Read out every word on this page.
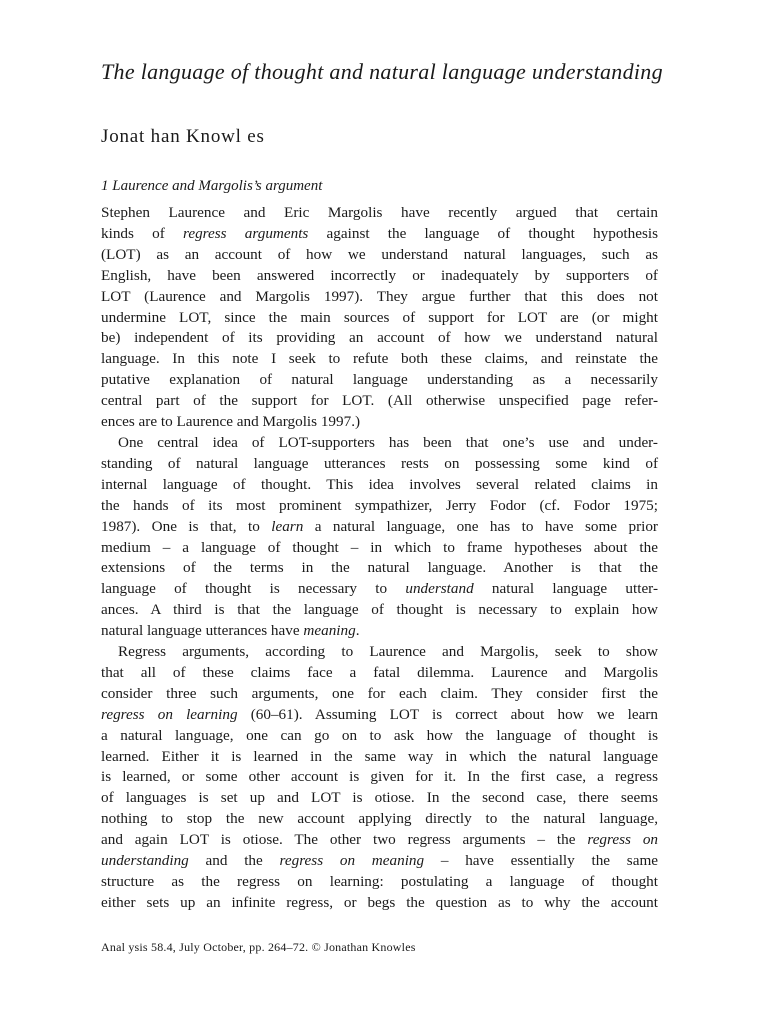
The language of thought and natural language understanding
Jonat han Knowl es
1 Laurence and Margolis’s argument
Stephen Laurence and Eric Margolis have recently argued that certain
kinds of regress arguments against the language of thought hypothesis
(LOT) as an account of how we understand natural languages, such as
English, have been answered incorrectly or inadequately by supporters of
LOT (Laurence and Margolis 1997). They argue further that this does not
undermine LOT, since the main sources of support for LOT are (or might
be) independent of its providing an account of how we understand natural
language. In this note I seek to refute both these claims, and reinstate the
putative explanation of natural language understanding as a necessarily
central part of the support for LOT. (All otherwise unspecified page refer-
ences are to Laurence and Margolis 1997.)
One central idea of LOT-supporters has been that one’s use and under-
standing of natural language utterances rests on possessing some kind of
internal language of thought. This idea involves several related claims in
the hands of its most prominent sympathizer, Jerry Fodor (cf. Fodor 1975;
1987). One is that, to learn a natural language, one has to have some prior
medium – a language of thought – in which to frame hypotheses about the
extensions of the terms in the natural language. Another is that the
language of thought is necessary to understand natural language utter-
ances. A third is that the language of thought is necessary to explain how
natural language utterances have meaning.
Regress arguments, according to Laurence and Margolis, seek to show
that all of these claims face a fatal dilemma. Laurence and Margolis
consider three such arguments, one for each claim. They consider first the
regress on learning (60–61). Assuming LOT is correct about how we learn
a natural language, one can go on to ask how the language of thought is
learned. Either it is learned in the same way in which the natural language
is learned, or some other account is given for it. In the first case, a regress
of languages is set up and LOT is otiose. In the second case, there seems
nothing to stop the new account applying directly to the natural language,
and again LOT is otiose. The other two regress arguments – the regress on
understanding and the regress on meaning – have essentially the same
structure as the regress on learning: postulating a language of thought
either sets up an infinite regress, or begs the question as to why the account
Anal ysis 58.4, July October, pp. 264–72. © Jonathan Knowles
